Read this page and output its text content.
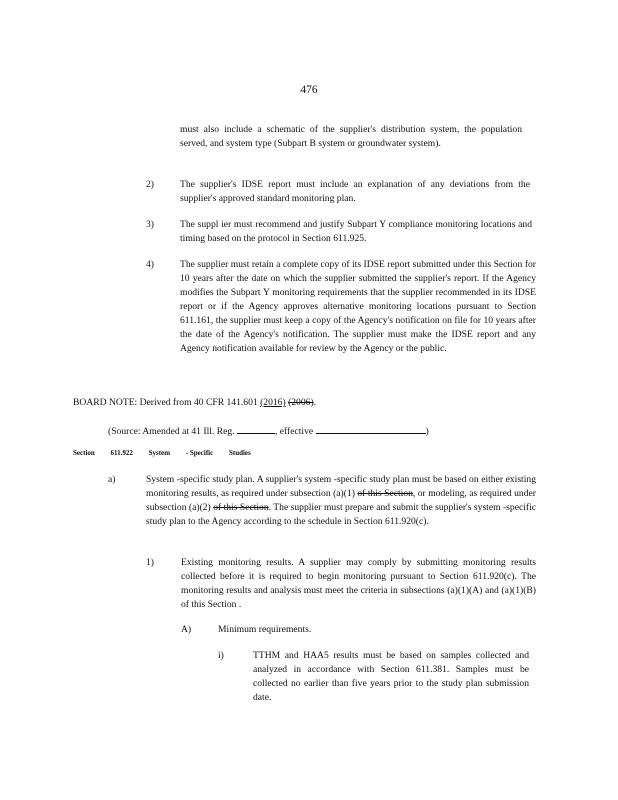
476
must also include a schematic of the supplier's distribution system, the population served, and system type (Subpart B system or groundwater system).
2)	The supplier's IDSE report must include an explanation of any deviations from the supplier's approved standard monitoring plan.
3)	The suppl ier must recommend and justify Subpart Y compliance monitoring locations and timing based on the protocol in Section 611.925.
4)	The supplier must retain a complete copy of its IDSE report submitted under this Section for 10 years after the date on which the supplier submitted the supplier's report. If the Agency modifies the Subpart Y monitoring requirements that the supplier recommended in its IDSE report or if the Agency approves alternative monitoring locations pursuant to Section 611.161, the supplier must keep a copy of the Agency's notification on file for 10 years after the date of the Agency's notification. The supplier must make the IDSE report and any Agency notification available for review by the Agency or the public.
BOARD NOTE: Derived from 40 CFR 141.601 (2016) (2006).
(Source: Amended at 41 Ill. Reg.	, effective	)
Section 611.922 System - Specific Studies
a)	System -specific study plan. A supplier's system -specific study plan must be based on either existing monitoring results, as required under subsection (a)(1) of this Section, or modeling, as required under subsection (a)(2) of this Section. The supplier must prepare and submit the supplier's system -specific study plan to the Agency according to the schedule in Section 611.920(c).
1)	Existing monitoring results. A supplier may comply by submitting monitoring results collected before it is required to begin monitoring pursuant to Section 611.920(c). The monitoring results and analysis must meet the criteria in subsections (a)(1)(A) and (a)(1)(B) of this Section .
A)	Minimum requirements.
i)	TTHM and HAA5 results must be based on samples collected and analyzed in accordance with Section 611.381. Samples must be collected no earlier than five years prior to the study plan submission date.
